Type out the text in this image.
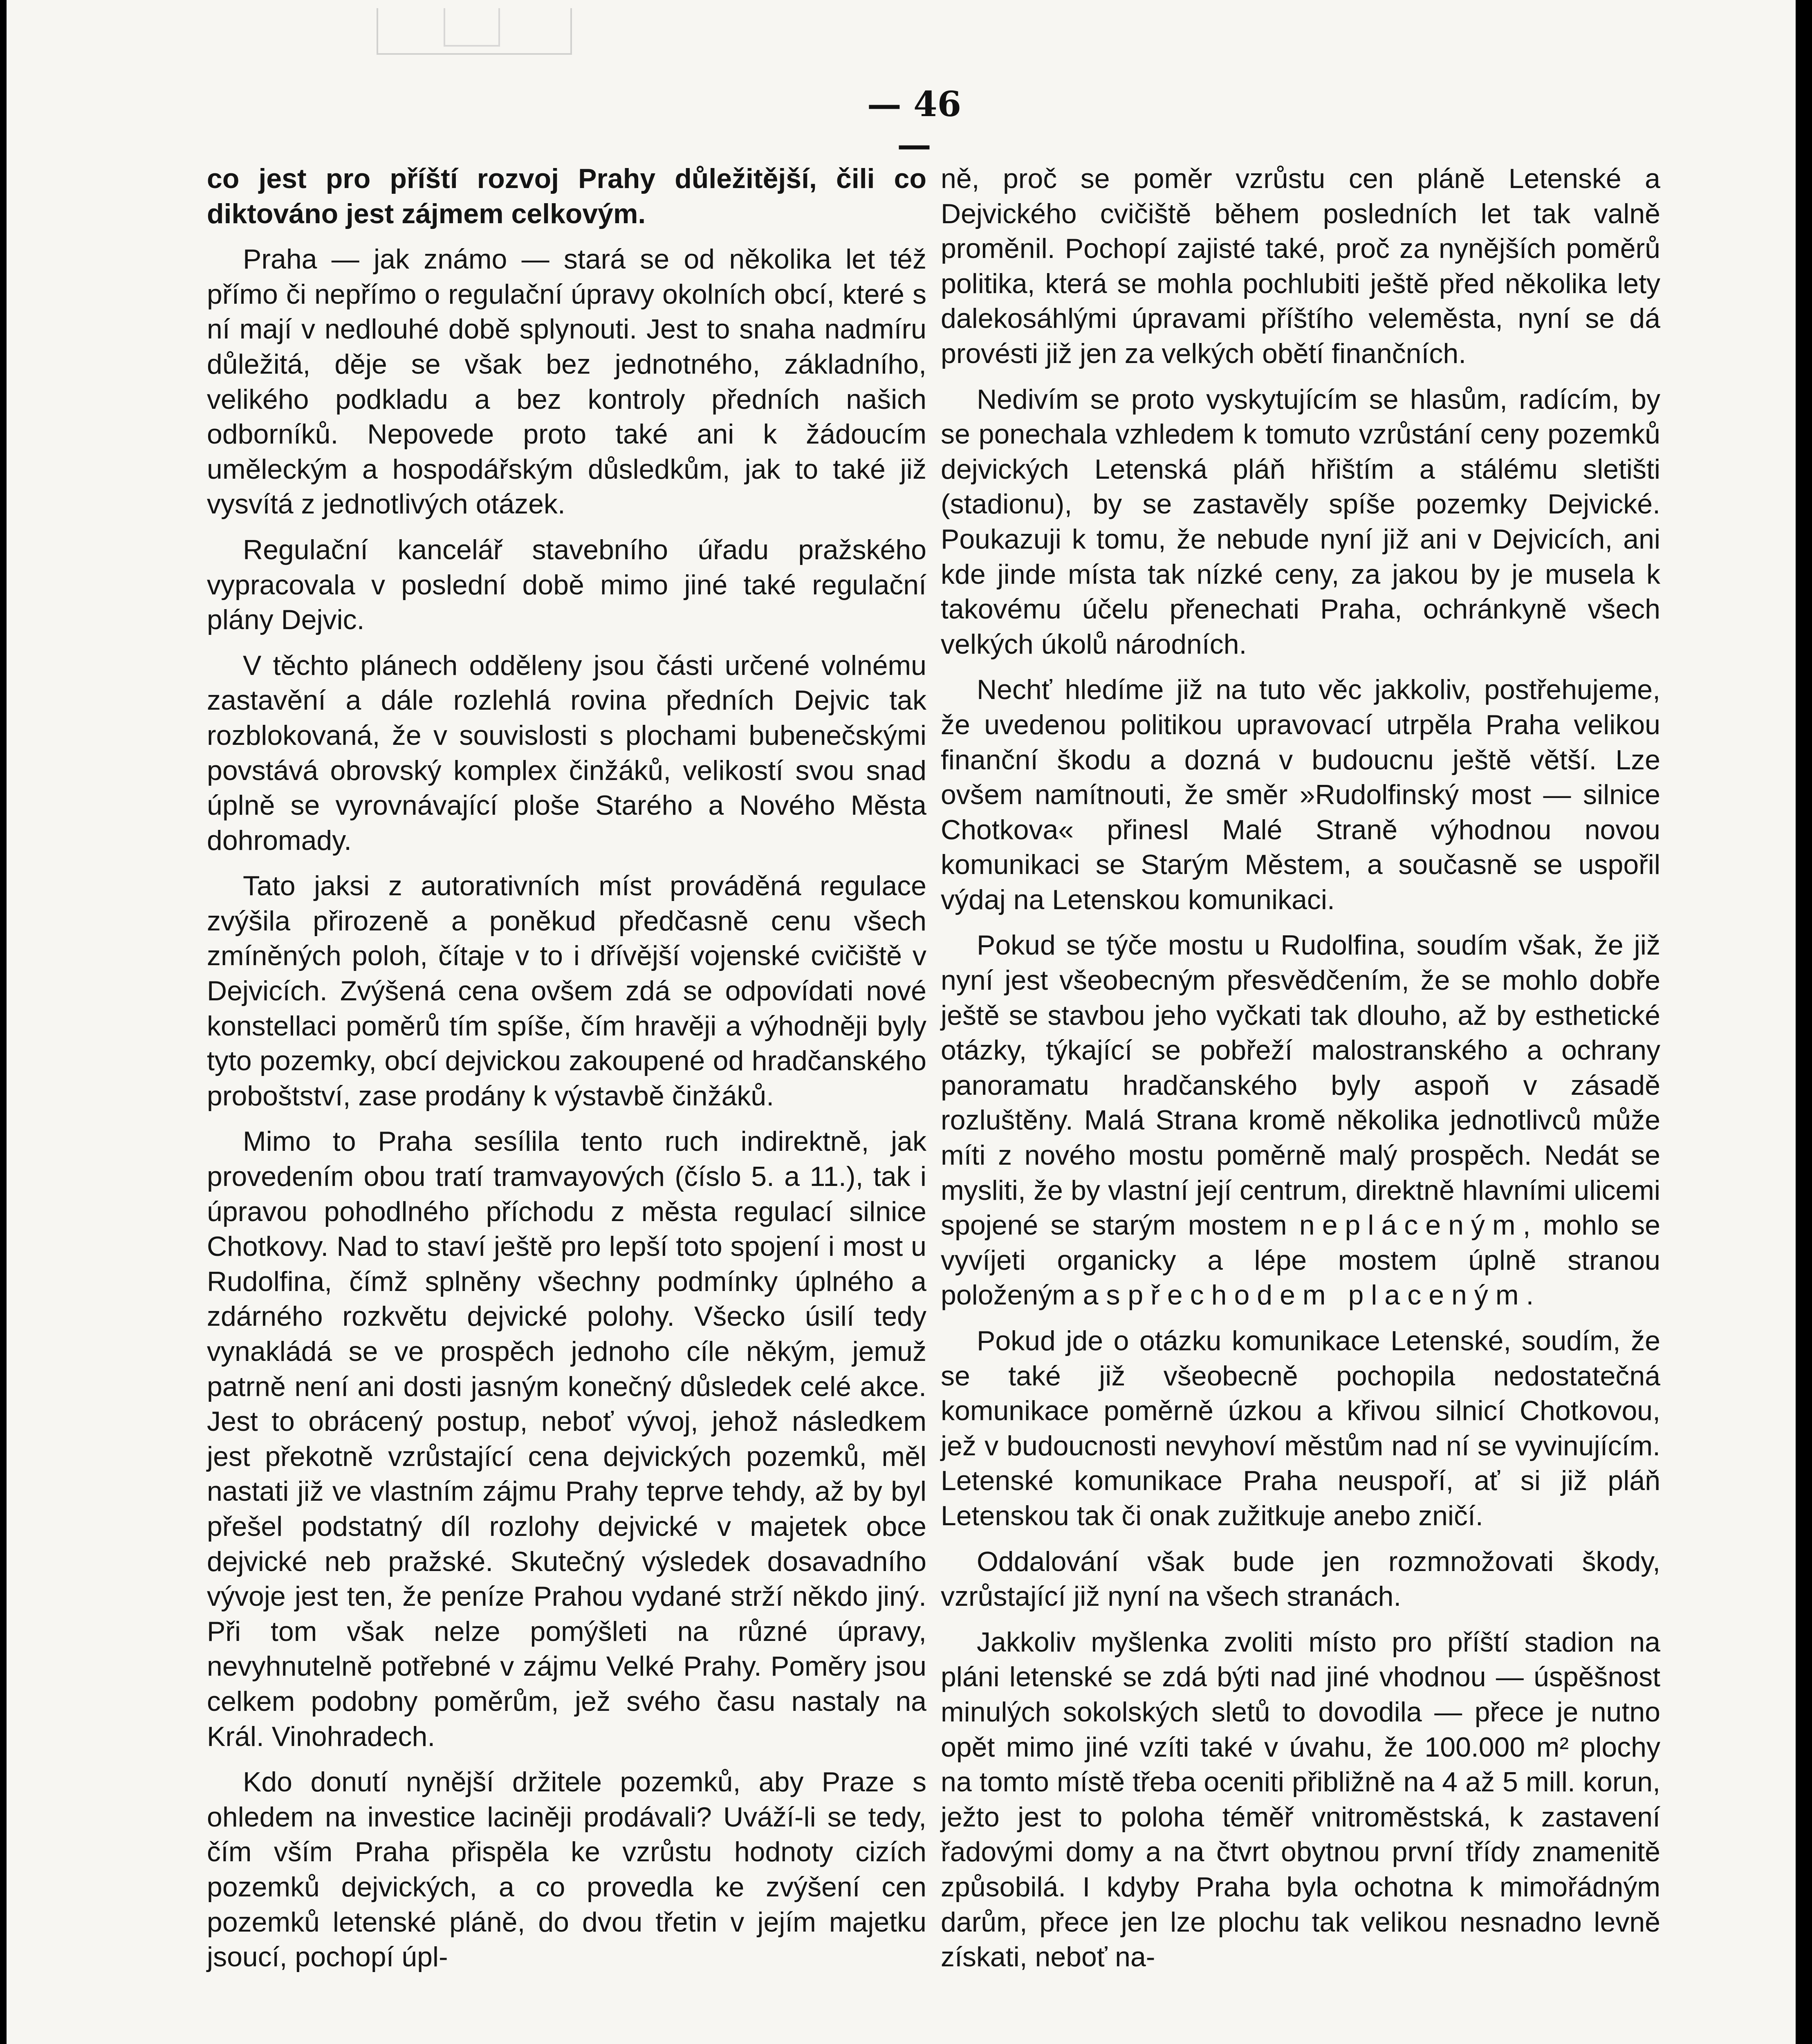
— 46 —

co jest pro příští rozvoj Prahy důležitější, čili co diktováno jest zájmem celkovým.

Praha — jak známo — stará se od několika let též přímo či nepřímo o regulační úpravy okolních obcí, které s ní mají v nedlouhé době splynouti. Jest to snaha nadmíru důležitá, děje se však bez jednotného, základního, velikého podkladu a bez kontroly předních našich odborníků. Nepovede proto také ani k žádoucím uměleckým a hospodářským důsledkům, jak to také již vysvítá z jednotlivých otázek.

Regulační kancelář stavebního úřadu pražského vypracovala v poslední době mimo jiné také regulační plány Dejvic.

V těchto plánech odděleny jsou části určené volnému zastavění a dále rozlehlá rovina předních Dejvic tak rozblokovaná, že v souvislosti s plochami bubenečskými povstává obrovský komplex činžáků, velikostí svou snad úplně se vyrovnávající ploše Starého a Nového Města dohromady.

Tato jaksi z autorativních míst prováděná regulace zvýšila přirozeně a poněkud předčasně cenu všech zmíněných poloh, čítaje v to i dřívější vojenské cvičiště v Dejvicích. Zvýšená cena ovšem zdá se odpovídati nové konstellaci poměrů tím spíše, čím hravěji a výhodněji byly tyto pozemky, obcí dejvickou zakoupené od hradčanského proboštství, zase prodány k výstavbě činžáků.

Mimo to Praha sesílila tento ruch indirektně, jak provedením obou tratí tramvayových (číslo 5. a 11.), tak i úpravou pohodlného příchodu z města regulací silnice Chotkovy. Nad to staví ještě pro lepší toto spojení i most u Rudolfina, čímž splněny všechny podmínky úplného a zdárného rozkvětu dejvické polohy. Všecko úsilí tedy vynakládá se ve prospěch jednoho cíle někým, jemuž patrně není ani dosti jasným konečný důsledek celé akce. Jest to obrácený postup, neboť vývoj, jehož následkem jest překotně vzrůstající cena dejvických pozemků, měl nastati již ve vlastním zájmu Prahy teprve tehdy, až by byl přešel podstatný díl rozlohy dejvické v majetek obce dejvické neb pražské. Skutečný výsledek dosavadního vývoje jest ten, že peníze Prahou vydané strží někdo jiný. Při tom však nelze pomýšleti na různé úpravy, nevyhnutelně potřebné v zájmu Velké Prahy. Poměry jsou celkem podobny poměrům, jež svého času nastaly na Král. Vinohradech.

Kdo donutí nynější držitele pozemků, aby Praze s ohledem na investice laciněji prodávali? Uváží-li se tedy, čím vším Praha přispěla ke vzrůstu hodnoty cizích pozemků dejvických, a co provedla ke zvýšení cen pozemků letenské pláně, do dvou třetin v jejím majetku jsoucí, pochopí úpl-

ně, proč se poměr vzrůstu cen pláně Letenské a Dejvického cvičiště během posledních let tak valně proměnil. Pochopí zajisté také, proč za nynějších poměrů politika, která se mohla pochlubiti ještě před několika lety dalekosáhlými úpravami příštího veleměsta, nyní se dá provésti již jen za velkých obětí finančních.

Nedivím se proto vyskytujícím se hlasům, radícím, by se ponechala vzhledem k tomuto vzrůstání ceny pozemků dejvických Letenská pláň hřištím a stálému sletišti (stadionu), by se zastavěly spíše pozemky Dejvické. Poukazuji k tomu, že nebude nyní již ani v Dejvicích, ani kde jinde místa tak nízké ceny, za jakou by je musela k takovému účelu přenechati Praha, ochránkyně všech velkých úkolů národních.

Nechť hledíme již na tuto věc jakkoliv, postřehujeme, že uvedenou politikou upravovací utrpěla Praha velikou finanční škodu a dozná v budoucnu ještě větší. Lze ovšem namítnouti, že směr »Rudolfinský most — silnice Chotkova« přinesl Malé Straně výhodnou novou komunikaci se Starým Městem, a současně se uspořil výdaj na Letenskou komunikaci.

Pokud se týče mostu u Rudolfina, soudím však, že již nyní jest všeobecným přesvědčením, že se mohlo dobře ještě se stavbou jeho vyčkati tak dlouho, až by esthetické otázky, týkající se pobřeží malostranského a ochrany panoramatu hradčanského byly aspoň v zásadě rozluštěny. Malá Strana kromě několika jednotlivců může míti z nového mostu poměrně malý prospěch. Nedát se mysliti, že by vlastní její centrum, direktně hlavními ulicemi spojené se starým mostem nepláceným, mohlo se vyvíjeti organicky a lépe mostem úplně stranou položeným a s přechodem placeným.

Pokud jde o otázku komunikace Letenské, soudím, že se také již všeobecně pochopila nedostatečná komunikace poměrně úzkou a křivou silnicí Chotkovou, jež v budoucnosti nevyhoví městům nad ní se vyvinujícím. Letenské komunikace Praha neuspoří, ať si již pláň Letenskou tak či onak zužitkuje anebo zničí.

Oddalování však bude jen rozmnožovati škody, vzrůstající již nyní na všech stranách.

Jakkoliv myšlenka zvoliti místo pro příští stadion na pláni letenské se zdá býti nad jiné vhodnou — úspěšnost minulých sokolských sletů to dovodila — přece je nutno opět mimo jiné vzíti také v úvahu, že 100.000 m² plochy na tomto místě třeba oceniti přibližně na 4 až 5 mill. korun, ježto jest to poloha téměř vnitroměstská, k zastavení řadovými domy a na čtvrt obytnou první třídy znamenitě způsobilá. I kdyby Praha byla ochotna k mimořádným darům, přece jen lze plochu tak velikou nesnadno levně získati, neboť na-
